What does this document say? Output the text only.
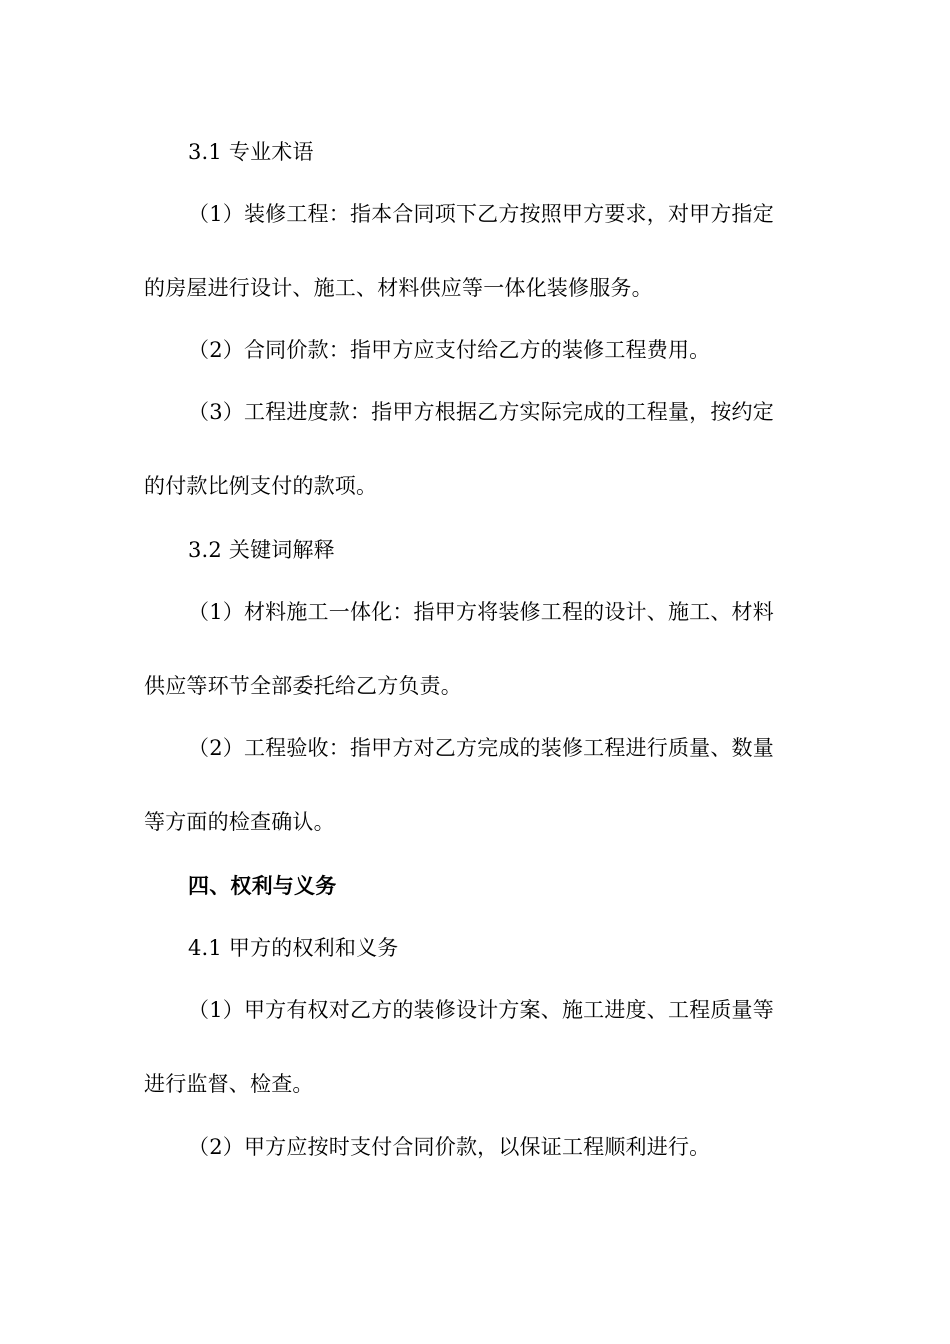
3.1 专业术语
（1）装修工程：指本合同项下乙方按照甲方要求，对甲方指定
的房屋进行设计、施工、材料供应等一体化装修服务。
（2）合同价款：指甲方应支付给乙方的装修工程费用。
（3）工程进度款：指甲方根据乙方实际完成的工程量，按约定
的付款比例支付的款项。
3.2 关键词解释
（1）材料施工一体化：指甲方将装修工程的设计、施工、材料
供应等环节全部委托给乙方负责。
（2）工程验收：指甲方对乙方完成的装修工程进行质量、数量
等方面的检查确认。
四、权利与义务
4.1 甲方的权利和义务
（1）甲方有权对乙方的装修设计方案、施工进度、工程质量等
进行监督、检查。
（2）甲方应按时支付合同价款，以保证工程顺利进行。
